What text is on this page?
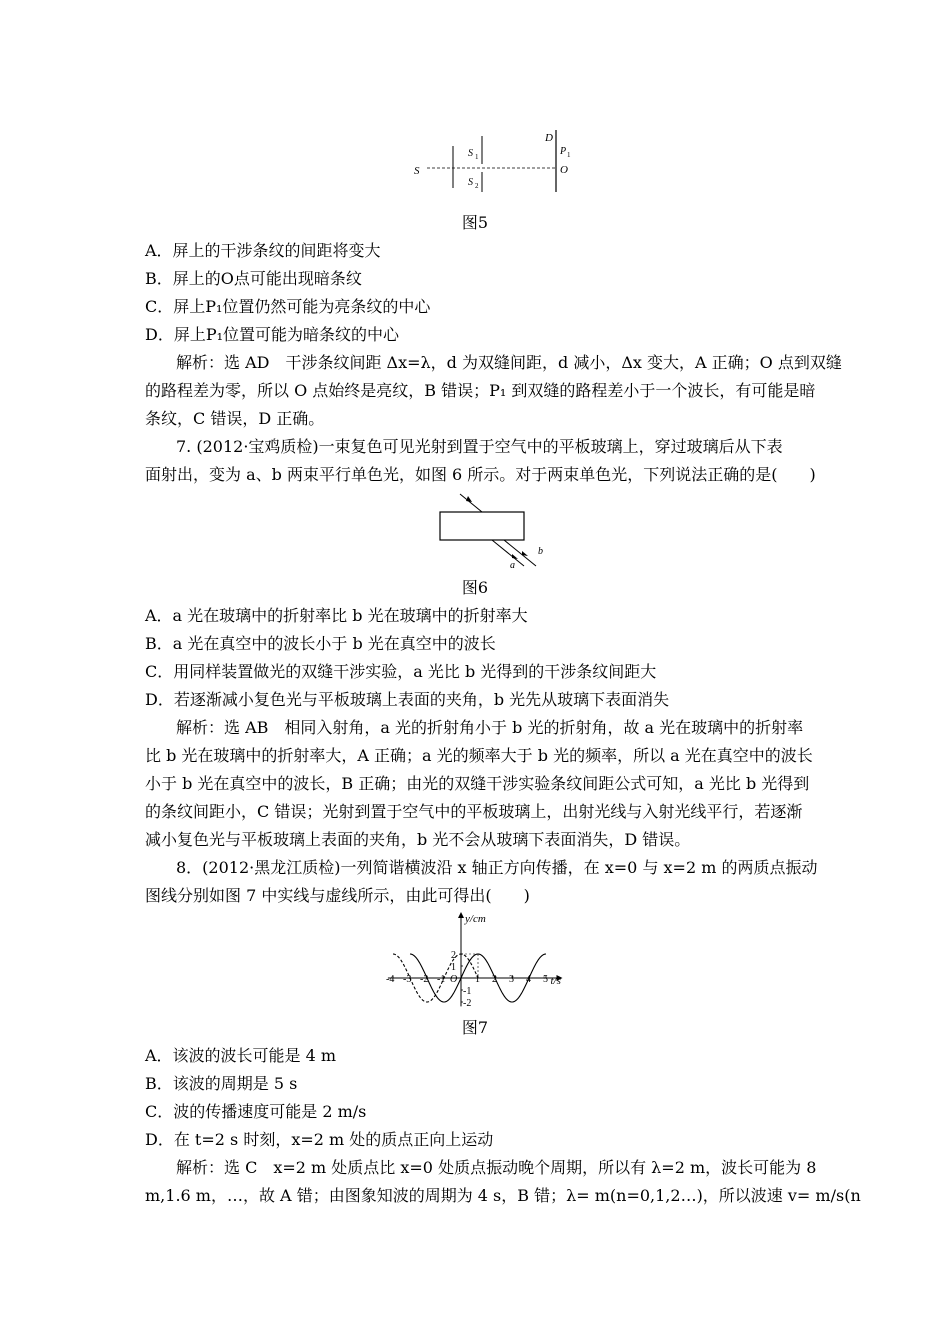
S
S 1
S 2
D
P 1
O
图5
A．屏上的干涉条纹的间距将变大
B．屏上的O点可能出现暗条纹
C．屏上P₁位置仍然可能为亮条纹的中心
D．屏上P₁位置可能为暗条纹的中心
解析：选 AD　干涉条纹间距 Δx=λ，d 为双缝间距，d 减小，Δx 变大，A 正确；O 点到双缝
的路程差为零，所以 O 点始终是亮纹，B 错误；P₁ 到双缝的路程差小于一个波长，有可能是暗
条纹，C 错误，D 正确。
7. (2012·宝鸡质检)一束复色可见光射到置于空气中的平板玻璃上，穿过玻璃后从下表
面射出，变为 a、b 两束平行单色光，如图 6 所示。对于两束单色光，下列说法正确的是(　　)
a
b
图6
A．a 光在玻璃中的折射率比 b 光在玻璃中的折射率大
B．a 光在真空中的波长小于 b 光在真空中的波长
C．用同样装置做光的双缝干涉实验，a 光比 b 光得到的干涉条纹间距大
D．若逐渐减小复色光与平板玻璃上表面的夹角，b 光先从玻璃下表面消失
解析：选 AB　相同入射角，a 光的折射角小于 b 光的折射角，故 a 光在玻璃中的折射率
比 b 光在玻璃中的折射率大，A 正确；a 光的频率大于 b 光的频率，所以 a 光在真空中的波长
小于 b 光在真空中的波长，B 正确；由光的双缝干涉实验条纹间距公式可知，a 光比 b 光得到
的条纹间距小，C 错误；光射到置于空气中的平板玻璃上，出射光线与入射光线平行，若逐渐
减小复色光与平板玻璃上表面的夹角，b 光不会从玻璃下表面消失，D 错误。
8．(2012·黑龙江质检)一列简谐横波沿 x 轴正方向传播，在 x=0 与 x=2 m 的两质点振动
图线分别如图 7 中实线与虚线所示，由此可得出(　　)
-4 -3 -2 -1	1 2 3 4 5
2
1
-1
-2
O	t/s
y/cm
图7
A．该波的波长可能是 4 m
B．该波的周期是 5 s
C．波的传播速度可能是 2 m/s
D．在 t=2 s 时刻，x=2 m 处的质点正向上运动
解析：选 C　x=2 m 处质点比 x=0 处质点振动晚个周期，所以有 λ=2 m，波长可能为 8
m,1.6 m，…，故 A 错；由图象知波的周期为 4 s，B 错；λ= m(n=0,1,2…)，所以波速 v= m/s(n
